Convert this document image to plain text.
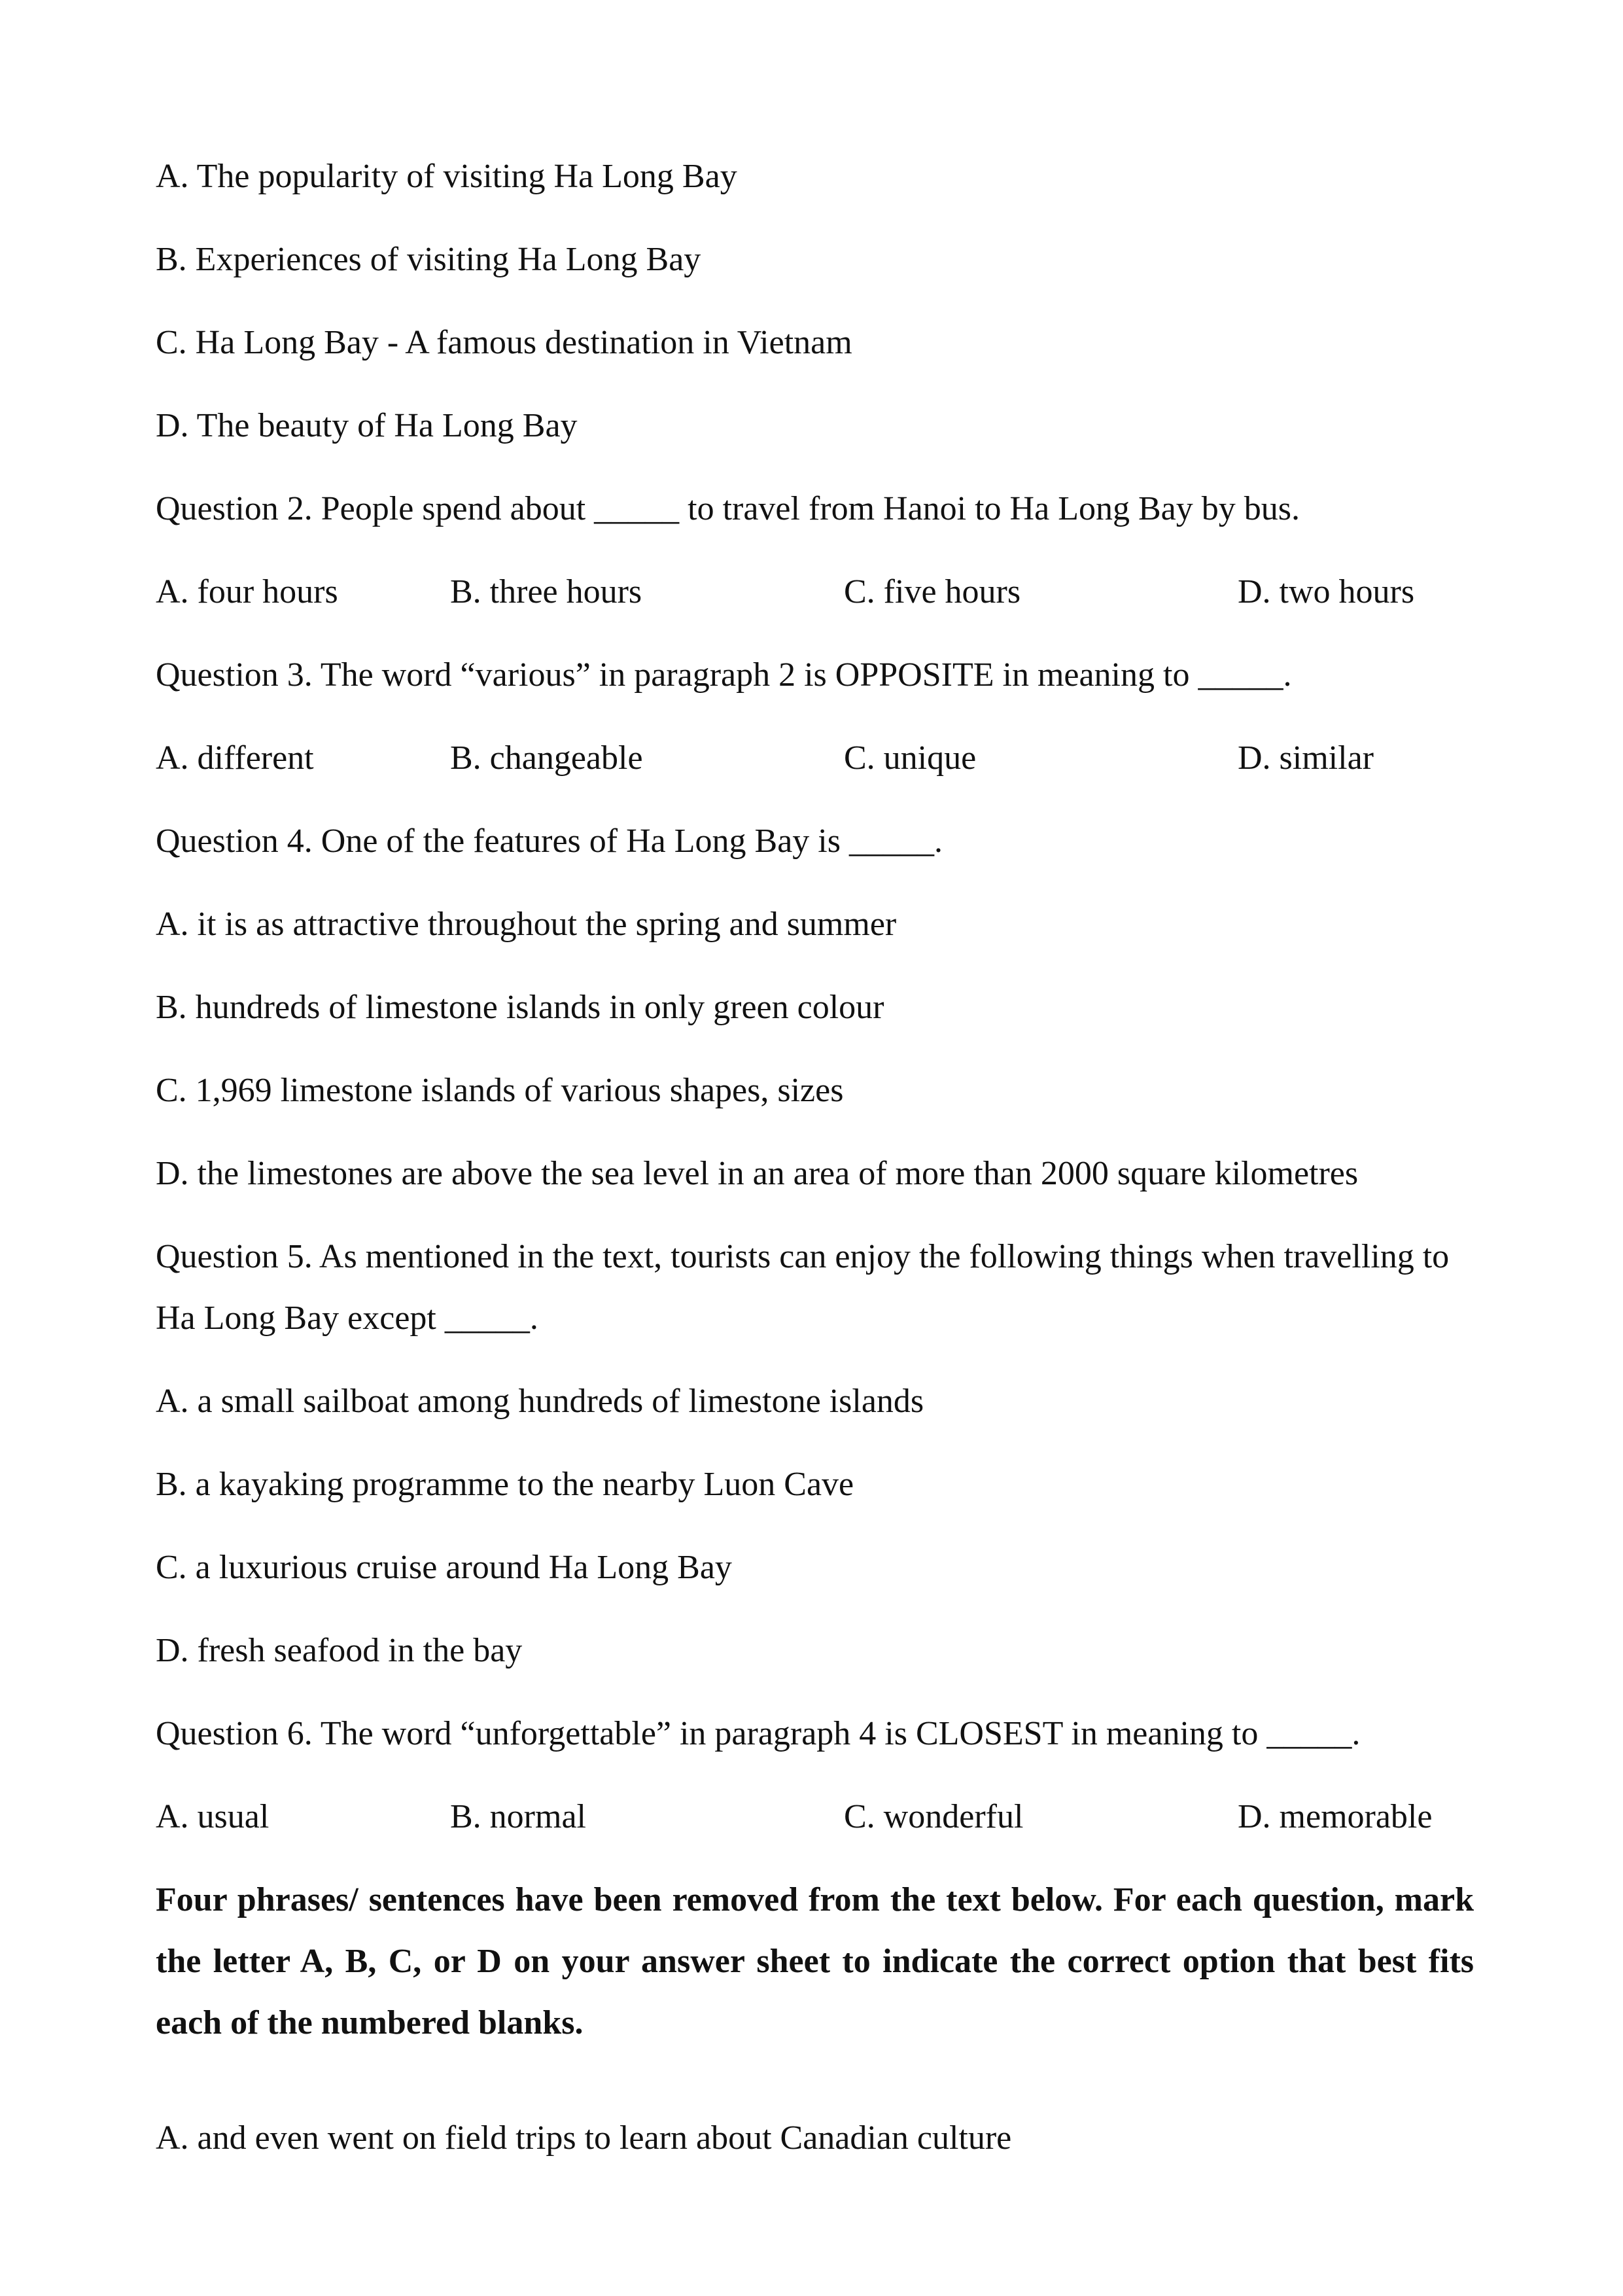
A. The popularity of visiting Ha Long Bay
B. Experiences of visiting Ha Long Bay
C. Ha Long Bay - A famous destination in Vietnam
D. The beauty of Ha Long Bay
Question 2. People spend about _____ to travel from Hanoi to Ha Long Bay by bus.
A. four hours	B. three hours	C. five hours	D. two hours
Question 3. The word “various” in paragraph 2 is OPPOSITE in meaning to _____.
A. different	B. changeable	C. unique	D. similar
Question 4. One of the features of Ha Long Bay is _____.
A. it is as attractive throughout the spring and summer
B. hundreds of limestone islands in only green colour
C. 1,969 limestone islands of various shapes, sizes
D. the limestones are above the sea level in an area of more than 2000 square kilometres
Question 5. As mentioned in the text, tourists can enjoy the following things when travelling to Ha Long Bay except _____.
A. a small sailboat among hundreds of limestone islands
B. a kayaking programme to the nearby Luon Cave
C. a luxurious cruise around Ha Long Bay
D. fresh seafood in the bay
Question 6. The word “unforgettable” in paragraph 4 is CLOSEST in meaning to _____.
A. usual	B. normal	C. wonderful	D. memorable
Four phrases/ sentences have been removed from the text below. For each question, mark the letter A, B, C, or D on your answer sheet to indicate the correct option that best fits each of the numbered blanks.
A. and even went on field trips to learn about Canadian culture
